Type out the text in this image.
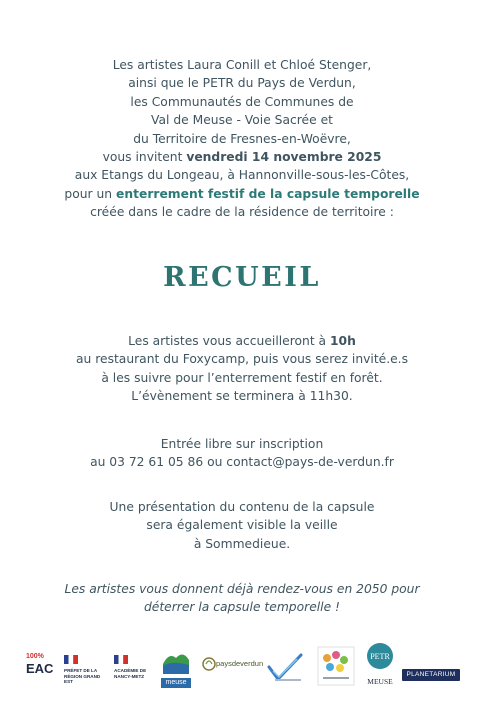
Les artistes Laura Conill et Chloé Stenger,
ainsi que le PETR du Pays de Verdun,
les Communautés de Communes de
Val de Meuse - Voie Sacrée et
du Territoire de Fresnes-en-Woëvre,
vous invitent vendredi 14 novembre 2025
aux Etangs du Longeau, à Hannonville-sous-les-Côtes,
pour un enterrement festif de la capsule temporelle
créée dans le cadre de la résidence de territoire :
RECUEIL
Les artistes vous accueilleront à 10h
au restaurant du Foxycamp, puis vous serez invité.e.s
à les suivre pour l’enterrement festif en forêt.
L’évènement se terminera à 11h30.
Entrée libre sur inscription
au 03 72 61 05 86 ou contact@pays-de-verdun.fr
Une présentation du contenu de la capsule
sera également visible la veille
à Sommedieue.
Les artistes vous donnent déjà rendez-vous en 2050 pour
déterrer la capsule temporelle !
100%
EAC PRÉFET DE LA RÉGION GRAND EST
ACADÉMIE DE NANCY-METZ
meuse
paysdeverdun
PETR
MEUSE
PLANETARIUM
